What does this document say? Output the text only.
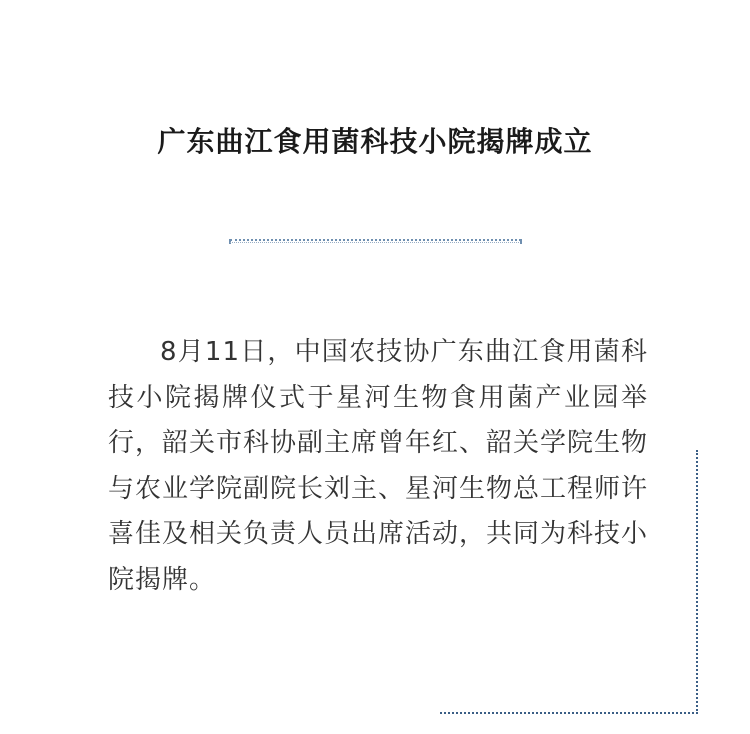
广东曲江食用菌科技小院揭牌成立

8月11日，中国农技协广东曲江食用菌科技小院揭牌仪式于星河生物食用菌产业园举行，韶关市科协副主席曾年红、韶关学院生物与农业学院副院长刘主、星河生物总工程师许喜佳及相关负责人员出席活动，共同为科技小院揭牌。
